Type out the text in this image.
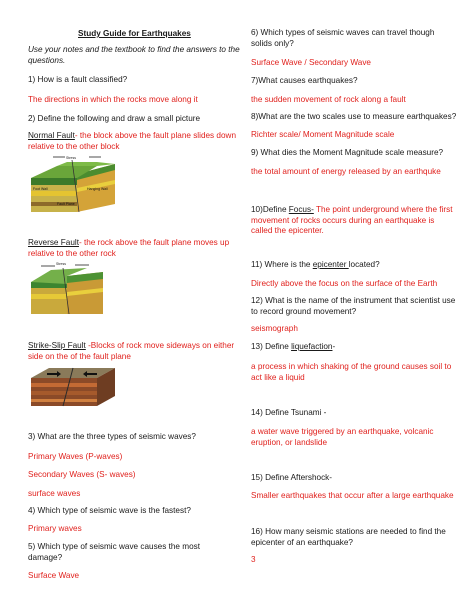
Study Guide for Earthquakes
Use your notes and the textbook to find the answers to the questions.
1) How is a fault classified?
The directions in which the rocks move along it
2) Define the following and draw a small picture
Normal Fault- the block above the fault plane slides down relative to the other block
Stress
Foot Wall	Hanging Wall
Fault Plane
Reverse Fault- the rock above the fault plane moves up relative to the other rock
Stress
Strike-Slip Fault -Blocks of rock move sideways on either side on the of the fault plane
3) What are the three types of seismic waves?
Primary Waves (P-waves)
Secondary Waves (S- waves)
surface waves
4) Which type of seismic wave is the fastest?
Primary waves
5) Which type of seismic wave causes the most damage?
Surface Wave
6) Which types of seismic waves can travel though solids only?
Surface Wave / Secondary Wave
7)What causes earthquakes?
the sudden movement of rock along a fault
8)What are the two scales use to measure earthquakes?
Richter scale/ Moment Magnitude scale
9) What dies the Moment Magnitude scale measure?
the total amount of energy released by an earthquke
10)Define Focus- The point underground where the first movement of rocks occurs during an earthquake is called the epicenter.
11) Where is the epicenter located?
Directly above the focus on the surface of the Earth
12) What is the name of the instrument that scientist use to record ground movement?
seismograph
13) Define liquefaction-
a process in which shaking of the ground causes soil to act like a liquid
14) Define Tsunami -
a water wave triggered by an earthquake, volcanic eruption, or landslide
15) Define Aftershock-
Smaller earthquakes that occur after a large earthquake
16) How many seismic stations are needed to find the epicenter of an earthquake?
3
